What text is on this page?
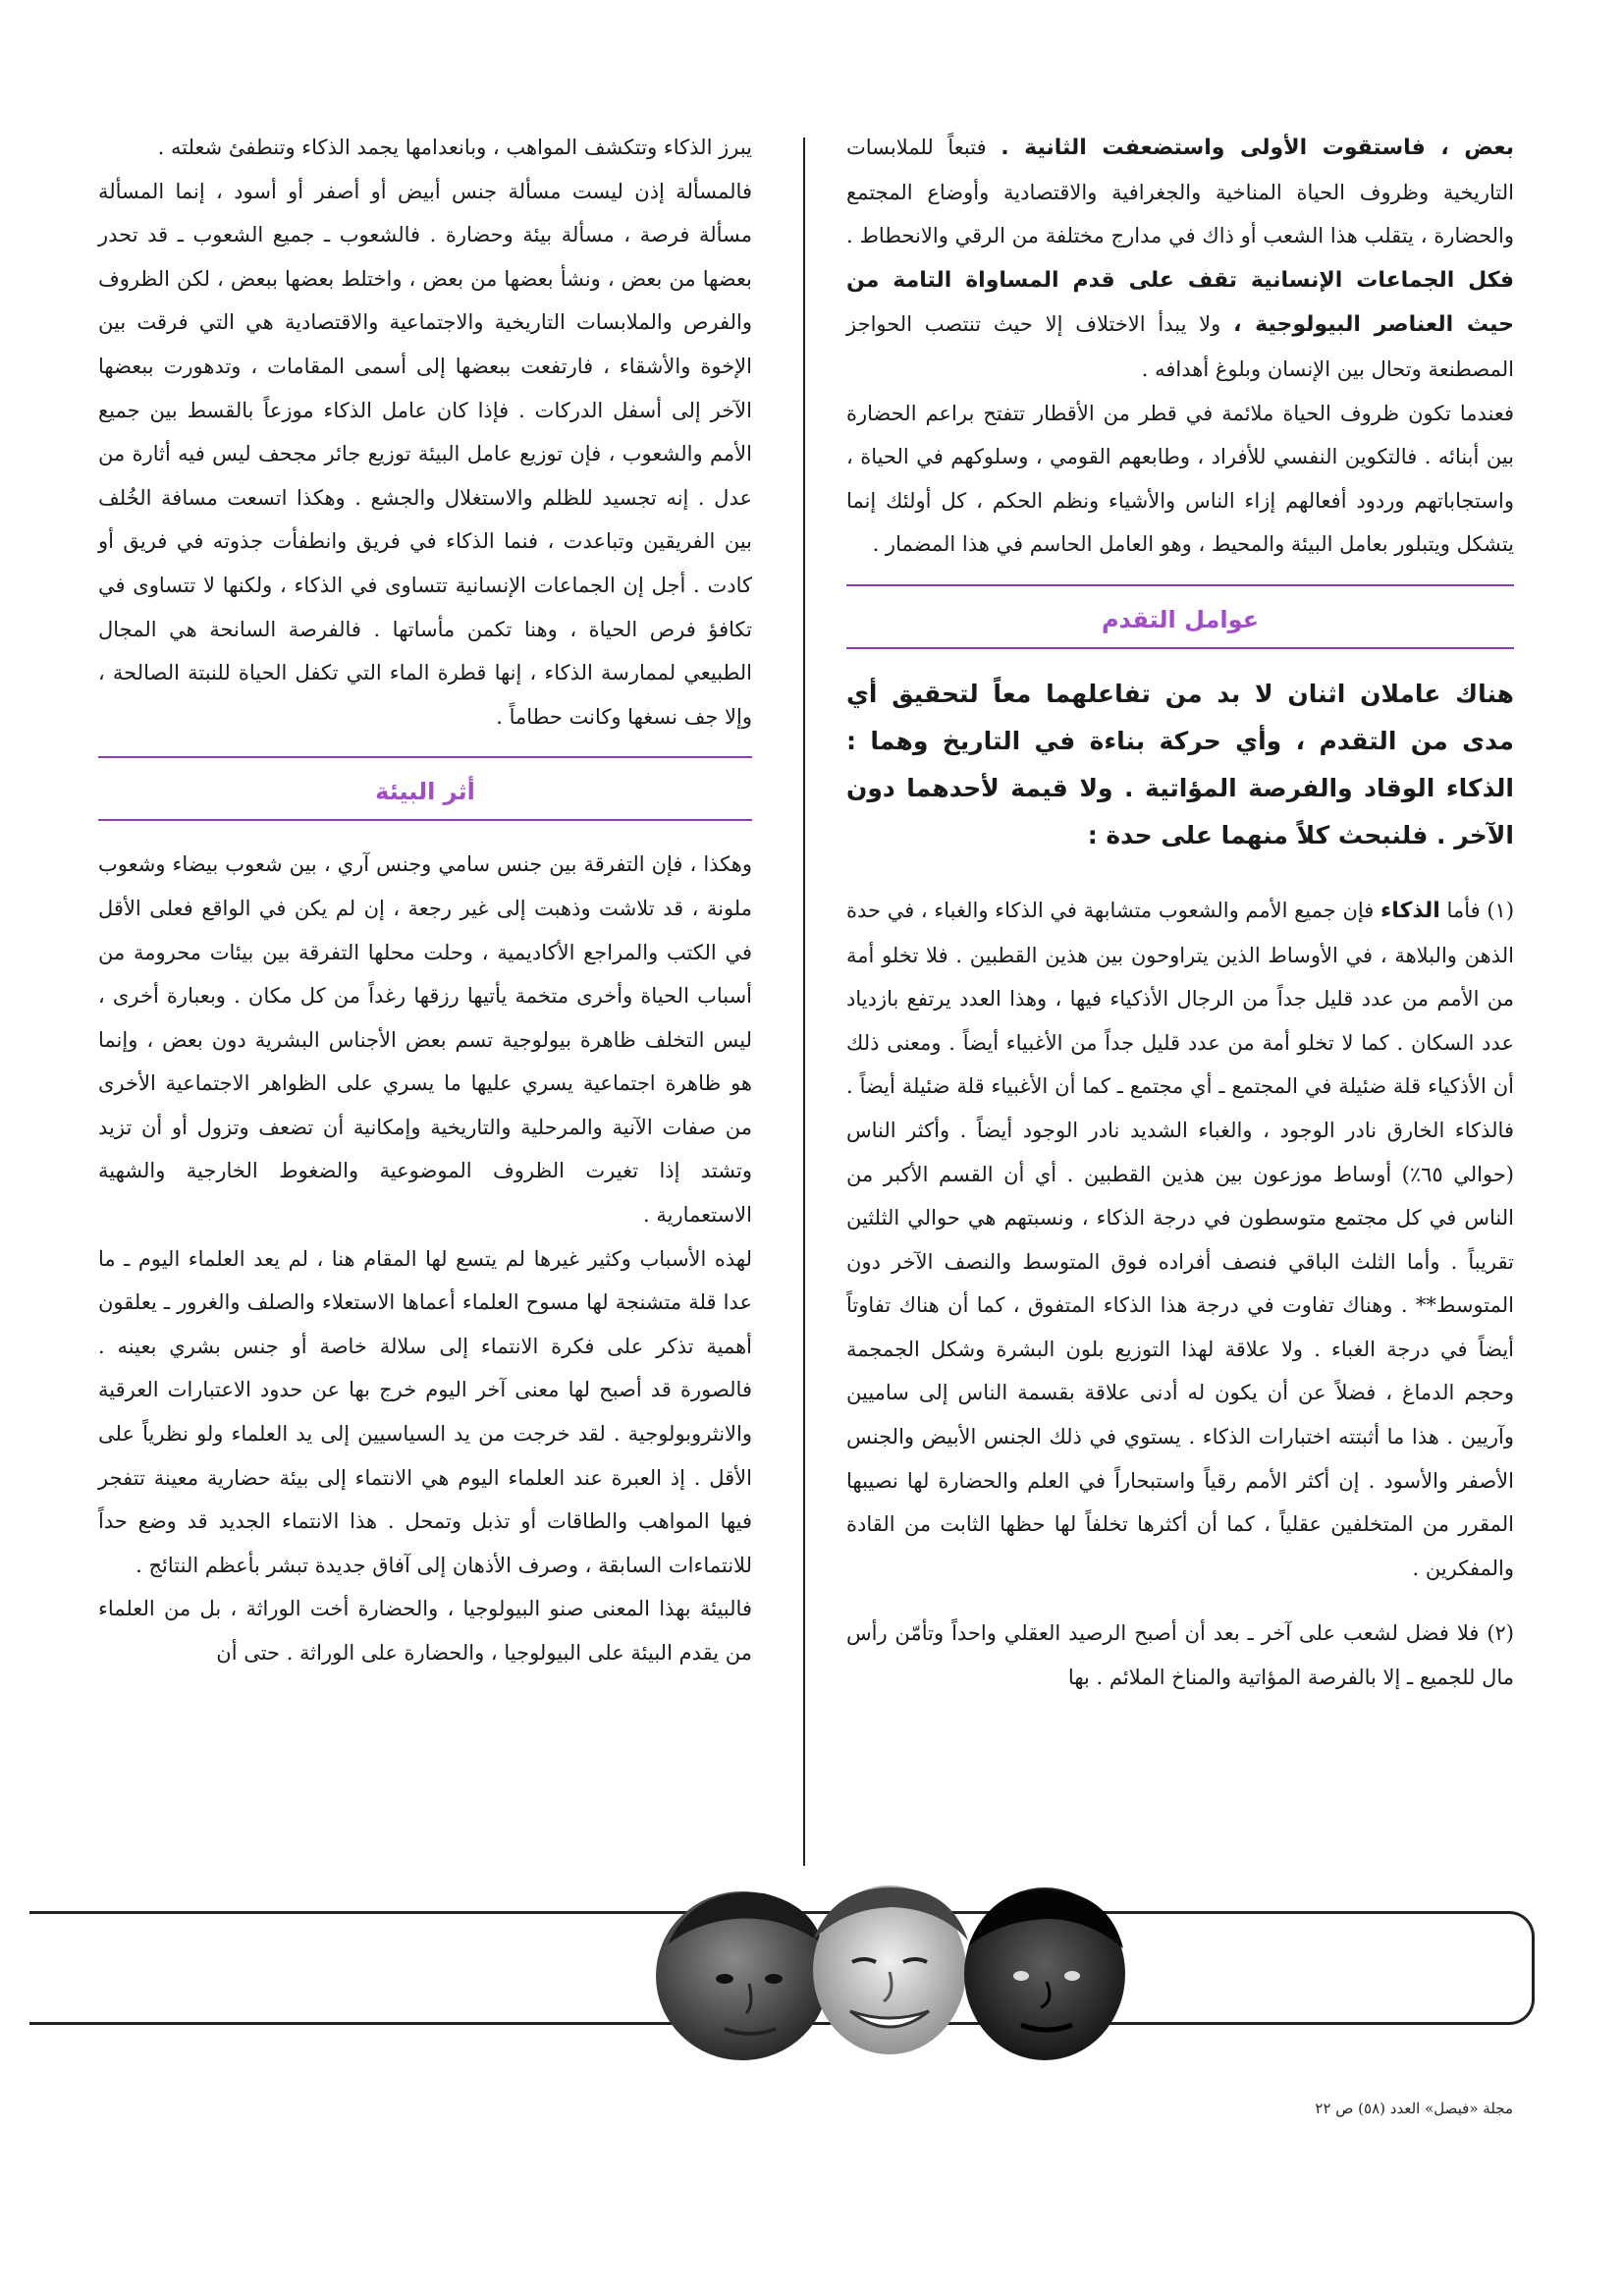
بعض ، فاستقوت الأولى واستضعفت الثانية . فتبعاً للملابسات التاريخية وظروف الحياة المناخية والجغرافية والاقتصادية وأوضاع المجتمع والحضارة ، يتقلب هذا الشعب أو ذاك في مدارج مختلفة من الرقي والانحطاط . فكل الجماعات الإنسانية تقف على قدم المساواة التامة من حيث العناصر البيولوجية ، ولا يبدأ الاختلاف إلا حيث تنتصب الحواجز المصطنعة وتحال بين الإنسان وبلوغ أهدافه .

فعندما تكون ظروف الحياة ملائمة في قطر من الأقطار تتفتح براعم الحضارة بين أبنائه . فالتكوين النفسي للأفراد ، وطابعهم القومي ، وسلوكهم في الحياة ، واستجاباتهم وردود أفعالهم إزاء الناس والأشياء ونظم الحكم ، كل أولئك إنما يتشكل ويتبلور بعامل البيئة والمحيط ، وهو العامل الحاسم في هذا المضمار .

عوامل التقدم

هناك عاملان اثنان لا بد من تفاعلهما معاً لتحقيق أي مدى من التقدم ، وأي حركة بناءة في التاريخ وهما : الذكاء الوقاد والفرصة المؤاتية . ولا قيمة لأحدهما دون الآخر . فلنبحث كلاً منهما على حدة :

(١) فأما الذكاء فإن جميع الأمم والشعوب متشابهة في الذكاء والغباء ، في حدة الذهن والبلاهة ، في الأوساط الذين يتراوحون بين هذين القطبين . فلا تخلو أمة من الأمم من عدد قليل جداً من الرجال الأذكياء فيها ، وهذا العدد يرتفع بازدياد عدد السكان . كما لا تخلو أمة من عدد قليل جداً من الأغبياء أيضاً . ومعنى ذلك أن الأذكياء قلة ضئيلة في المجتمع ـ أي مجتمع ـ كما أن الأغبياء قلة ضئيلة أيضاً . فالذكاء الخارق نادر الوجود ، والغباء الشديد نادر الوجود أيضاً . وأكثر الناس (حوالي ٦٥٪) أوساط موزعون بين هذين القطبين . أي أن القسم الأكبر من الناس في كل مجتمع متوسطون في درجة الذكاء ، ونسبتهم هي حوالي الثلثين تقريباً . وأما الثلث الباقي فنصف أفراده فوق المتوسط والنصف الآخر دون المتوسط** . وهناك تفاوت في درجة هذا الذكاء المتفوق ، كما أن هناك تفاوتاً أيضاً في درجة الغباء . ولا علاقة لهذا التوزيع بلون البشرة وشكل الجمجمة وحجم الدماغ ، فضلاً عن أن يكون له أدنى علاقة بقسمة الناس إلى ساميين وآريين . هذا ما أثبتته اختبارات الذكاء . يستوي في ذلك الجنس الأبيض والجنس الأصفر والأسود . إن أكثر الأمم رقياً واستبحاراً في العلم والحضارة لها نصيبها المقرر من المتخلفين عقلياً ، كما أن أكثرها تخلفاً لها حظها الثابت من القادة والمفكرين .

(٢) فلا فضل لشعب على آخر ـ بعد أن أصبح الرصيد العقلي واحداً وتأمّن رأس مال للجميع ـ إلا بالفرصة المؤاتية والمناخ الملائم . بها

يبرز الذكاء وتتكشف المواهب ، وبانعدامها يجمد الذكاء وتنطفئ شعلته .

فالمسألة إذن ليست مسألة جنس أبيض أو أصفر أو أسود ، إنما المسألة مسألة فرصة ، مسألة بيئة وحضارة . فالشعوب ـ جميع الشعوب ـ قد تحدر بعضها من بعض ، ونشأ بعضها من بعض ، واختلط بعضها ببعض ، لكن الظروف والفرص والملابسات التاريخية والاجتماعية والاقتصادية هي التي فرقت بين الإخوة والأشقاء ، فارتفعت ببعضها إلى أسمى المقامات ، وتدهورت ببعضها الآخر إلى أسفل الدركات . فإذا كان عامل الذكاء موزعاً بالقسط بين جميع الأمم والشعوب ، فإن توزيع عامل البيئة توزيع جائر مجحف ليس فيه أثارة من عدل . إنه تجسيد للظلم والاستغلال والجشع . وهكذا اتسعت مسافة الخُلف بين الفريقين وتباعدت ، فنما الذكاء في فريق وانطفأت جذوته في فريق أو كادت . أجل إن الجماعات الإنسانية تتساوى في الذكاء ، ولكنها لا تتساوى في تكافؤ فرص الحياة ، وهنا تكمن مأساتها . فالفرصة السانحة هي المجال الطبيعي لممارسة الذكاء ، إنها قطرة الماء التي تكفل الحياة للنبتة الصالحة ، وإلا جف نسغها وكانت حطاماً .

أثر البيئة

وهكذا ، فإن التفرقة بين جنس سامي وجنس آري ، بين شعوب بيضاء وشعوب ملونة ، قد تلاشت وذهبت إلى غير رجعة ، إن لم يكن في الواقع فعلى الأقل في الكتب والمراجع الأكاديمية ، وحلت محلها التفرقة بين بيئات محرومة من أسباب الحياة وأخرى متخمة يأتيها رزقها رغداً من كل مكان . وبعبارة أخرى ، ليس التخلف ظاهرة بيولوجية تسم بعض الأجناس البشرية دون بعض ، وإنما هو ظاهرة اجتماعية يسري عليها ما يسري على الظواهر الاجتماعية الأخرى من صفات الآنية والمرحلية والتاريخية وإمكانية أن تضعف وتزول أو أن تزيد وتشتد إذا تغيرت الظروف الموضوعية والضغوط الخارجية والشهية الاستعمارية .

لهذه الأسباب وكثير غيرها لم يتسع لها المقام هنا ، لم يعد العلماء اليوم ـ ما عدا قلة متشنجة لها مسوح العلماء أعماها الاستعلاء والصلف والغرور ـ يعلقون أهمية تذكر على فكرة الانتماء إلى سلالة خاصة أو جنس بشري بعينه . فالصورة قد أصبح لها معنى آخر اليوم خرج بها عن حدود الاعتبارات العرقية والانثروبولوجية . لقد خرجت من يد السياسيين إلى يد العلماء ولو نظرياً على الأقل . إذ العبرة عند العلماء اليوم هي الانتماء إلى بيئة حضارية معينة تتفجر فيها المواهب والطاقات أو تذبل وتمحل . هذا الانتماء الجديد قد وضع حداً للانتماءات السابقة ، وصرف الأذهان إلى آفاق جديدة تبشر بأعظم النتائج .

فالبيئة بهذا المعنى صنو البيولوجيا ، والحضارة أخت الوراثة ، بل من العلماء من يقدم البيئة على البيولوجيا ، والحضارة على الوراثة . حتى أن

مجلة «فيصل» العدد (٥٨) ص ٢٢
